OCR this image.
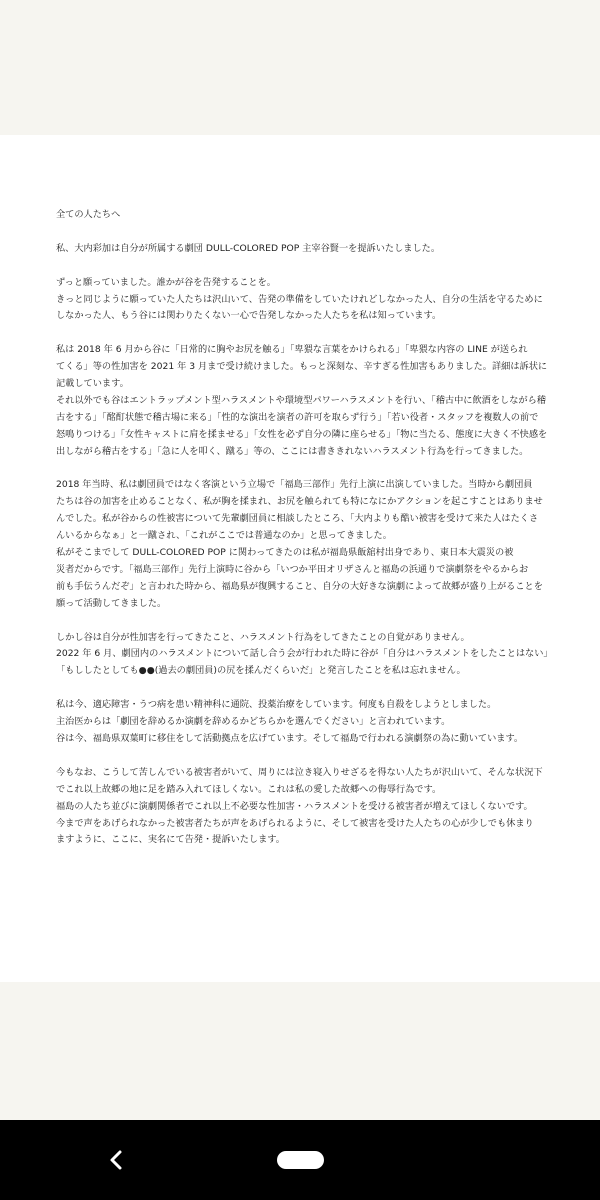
全ての人たちへ
私、大内彩加は自分が所属する劇団 DULL-COLORED POP 主宰谷賢一を提訴いたしました。
ずっと願っていました。誰かが谷を告発することを。
きっと同じように願っていた人たちは沢山いて、告発の準備をしていたけれどしなかった人、自分の生活を守るために
しなかった人、もう谷には関わりたくない一心で告発しなかった人たちを私は知っています。
私は 2018 年 6 月から谷に「日常的に胸やお尻を触る」「卑猥な言葉をかけられる」「卑猥な内容の LINE が送られ
てくる」等の性加害を 2021 年 3 月まで受け続けました。もっと深刻な、辛すぎる性加害もありました。詳細は訴状に
記載しています。
それ以外でも谷はエントラップメント型ハラスメントや環境型パワーハラスメントを行い、「稽古中に飲酒をしながら稽
古をする」「酩酊状態で稽古場に来る」「性的な演出を演者の許可を取らず行う」「若い役者・スタッフを複数人の前で
怒鳴りつける」「女性キャストに肩を揉ませる」「女性を必ず自分の隣に座らせる」「物に当たる、態度に大きく不快感を
出しながら稽古をする」「急に人を叩く、蹴る」等の、ここには書ききれないハラスメント行為を行ってきました。
2018 年当時、私は劇団員ではなく客演という立場で「福島三部作」先行上演に出演していました。当時から劇団員
たちは谷の加害を止めることなく、私が胸を揉まれ、お尻を触られても特になにかアクションを起こすことはありませ
んでした。私が谷からの性被害について先輩劇団員に相談したところ、「大内よりも酷い被害を受けて来た人はたくさ
んいるからなぁ」と一蹴され、「これがここでは普通なのか」と思ってきました。
私がそこまでして DULL-COLORED POP に関わってきたのは私が福島県飯舘村出身であり、東日本大震災の被
災者だからです。「福島三部作」先行上演時に谷から「いつか平田オリザさんと福島の浜通りで演劇祭をやるからお
前も手伝うんだぞ」と言われた時から、福島県が復興すること、自分の大好きな演劇によって故郷が盛り上がることを
願って活動してきました。
しかし谷は自分が性加害を行ってきたこと、ハラスメント行為をしてきたことの自覚がありません。
2022 年 6 月、劇団内のハラスメントについて話し合う会が行われた時に谷が「自分はハラスメントをしたことはない」
「もししたとしても●●(過去の劇団員)の尻を揉んだくらいだ」と発言したことを私は忘れません。
私は今、適応障害・うつ病を患い精神科に通院、投薬治療をしています。何度も自殺をしようとしました。
主治医からは「劇団を辞めるか演劇を辞めるかどちらかを選んでください」と言われています。
谷は今、福島県双葉町に移住をして活動拠点を広げています。そして福島で行われる演劇祭の為に動いています。
今もなお、こうして苦しんでいる被害者がいて、周りには泣き寝入りせざるを得ない人たちが沢山いて、そんな状況下
でこれ以上故郷の地に足を踏み入れてほしくない。これは私の愛した故郷への侮辱行為です。
福島の人たち並びに演劇関係者でこれ以上不必要な性加害・ハラスメントを受ける被害者が増えてほしくないです。
今まで声をあげられなかった被害者たちが声をあげられるように、そして被害を受けた人たちの心が少しでも休まり
ますように、ここに、実名にて告発・提訴いたします。
